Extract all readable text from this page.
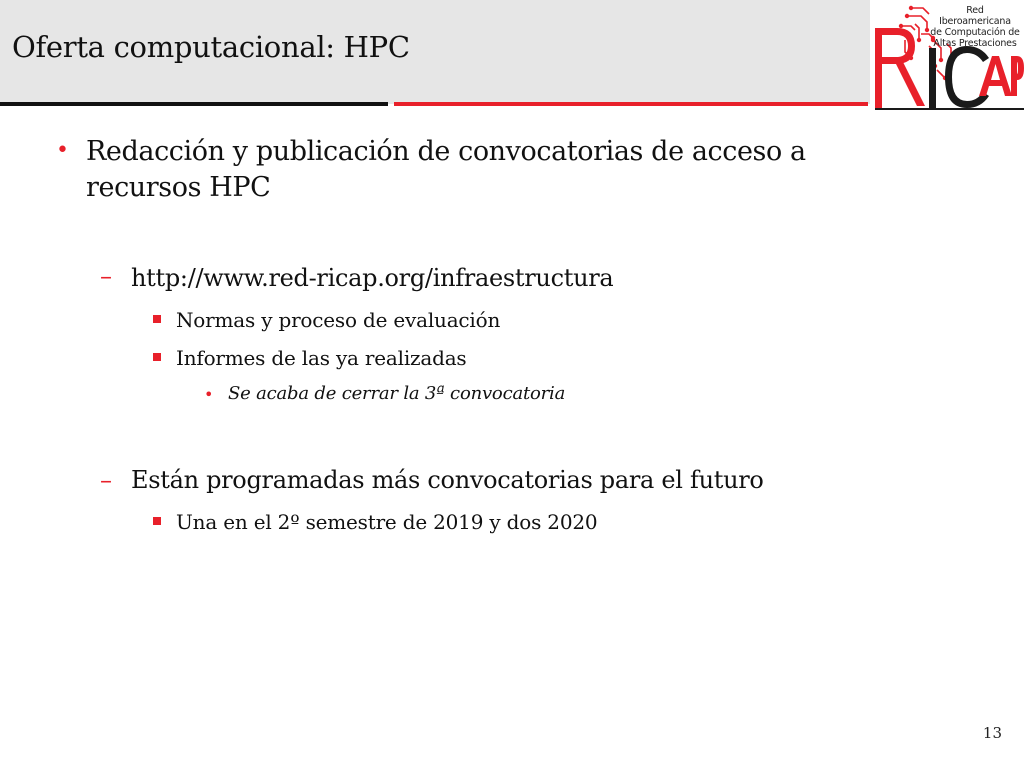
Oferta computacional: HPC
Red Iberoamericana
de Computación de
Altas Prestaciones
• Redacción y publicación de convocatorias de acceso a
recursos HPC
– http://www.red-ricap.org/infraestructura
Normas y proceso de evaluación
Informes de las ya realizadas
• Se acaba de cerrar la 3ª convocatoria
– Están programadas más convocatorias para el futuro
Una en el 2º semestre de 2019 y dos 2020
13
